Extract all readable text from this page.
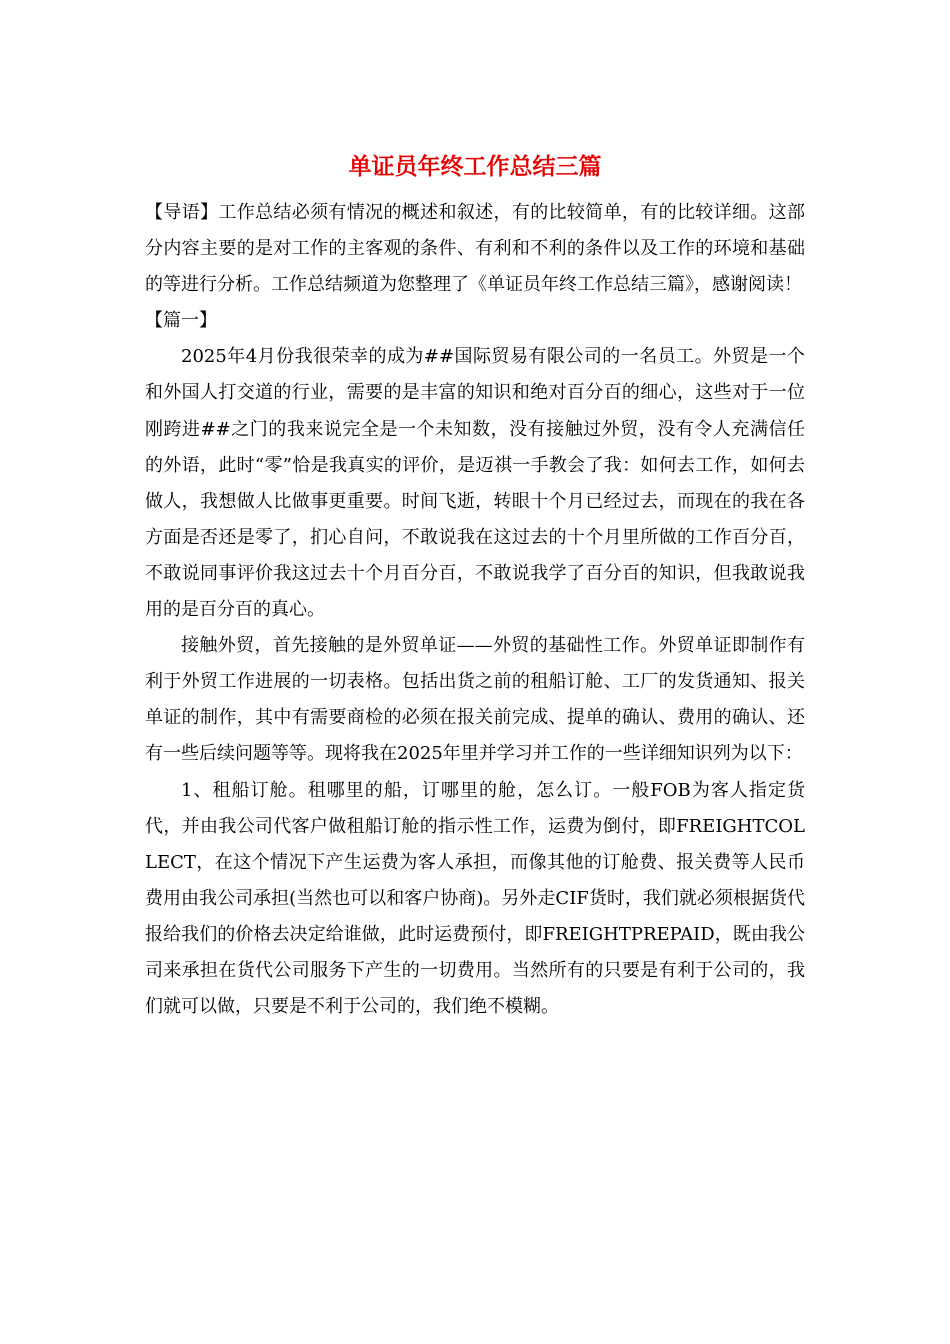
单证员年终工作总结三篇

【导语】工作总结必须有情况的概述和叙述，有的比较简单，有的比较详细。这部分内容主要的是对工作的主客观的条件、有利和不利的条件以及工作的环境和基础的等进行分析。工作总结频道为您整理了《单证员年终工作总结三篇》，感谢阅读！

【篇一】

2025年4月份我很荣幸的成为##国际贸易有限公司的一名员工。外贸是一个和外国人打交道的行业，需要的是丰富的知识和绝对百分百的细心，这些对于一位刚跨进##之门的我来说完全是一个未知数，没有接触过外贸，没有令人充满信任的外语，此时“零”恰是我真实的评价，是迈祺一手教会了我：如何去工作，如何去做人，我想做人比做事更重要。时间飞逝，转眼十个月已经过去，而现在的我在各方面是否还是零了，扪心自问，不敢说我在这过去的十个月里所做的工作百分百，不敢说同事评价我这过去十个月百分百，不敢说我学了百分百的知识，但我敢说我用的是百分百的真心。

接触外贸，首先接触的是外贸单证——外贸的基础性工作。外贸单证即制作有利于外贸工作进展的一切表格。包括出货之前的租船订舱、工厂的发货通知、报关单证的制作，其中有需要商检的必须在报关前完成、提单的确认、费用的确认、还有一些后续问题等等。现将我在2025年里并学习并工作的一些详细知识列为以下：

1、租船订舱。租哪里的船，订哪里的舱，怎么订。一般FOB为客人指定货代，并由我公司代客户做租船订舱的指示性工作，运费为倒付，即FREIGHTCOLLECT，在这个情况下产生运费为客人承担，而像其他的订舱费、报关费等人民币费用由我公司承担(当然也可以和客户协商)。另外走CIF货时，我们就必须根据货代报给我们的价格去决定给谁做，此时运费预付，即FREIGHTPREPAID，既由我公司来承担在货代公司服务下产生的一切费用。当然所有的只要是有利于公司的，我们就可以做，只要是不利于公司的，我们绝不模糊。
